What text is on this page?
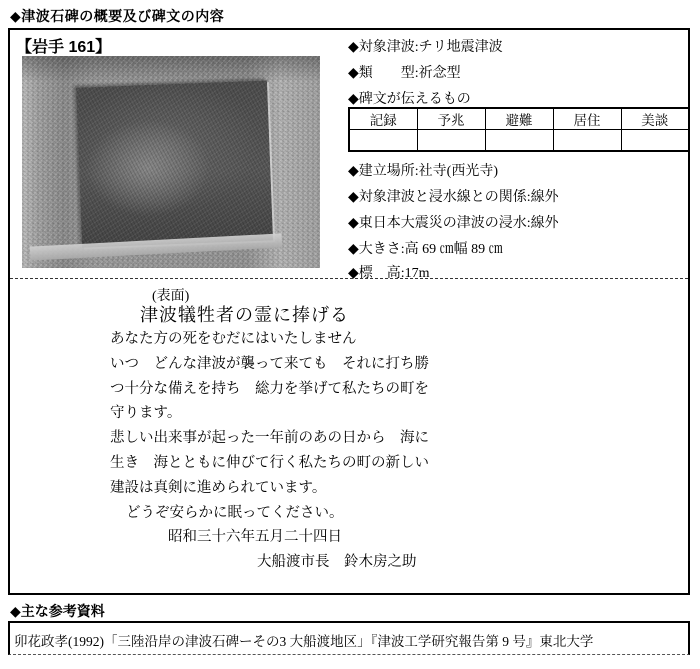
◆津波石碑の概要及び碑文の内容
【岩手 161】	◆対象津波:チリ地震津波
◆類　　型:祈念型
◆碑文が伝えるもの
記録	予兆	避難	居住	美談

◆建立場所:社寺(西光寺)
◆対象津波と浸水線との関係:線外
◆東日本大震災の津波の浸水:線外
◆大きさ:高 69 ㎝幅 89 ㎝
◆標　高:17m
(表面)
津波犠牲者の霊に捧げる
あなた方の死をむだにはいたしません
いつ　どんな津波が襲って来ても　それに打ち勝
つ十分な備えを持ち　総力を挙げて私たちの町を
守ります。
悲しい出来事が起った一年前のあの日から　海に
生き　海とともに伸びて行く私たちの町の新しい
建設は真剣に進められています。
どうぞ安らかに眠ってください。
昭和三十六年五月二十四日
大船渡市長　鈴木房之助
◆主な参考資料
卯花政孝(1992)「三陸沿岸の津波石碑ーその3 大船渡地区」『津波工学研究報告第 9 号』東北大学
